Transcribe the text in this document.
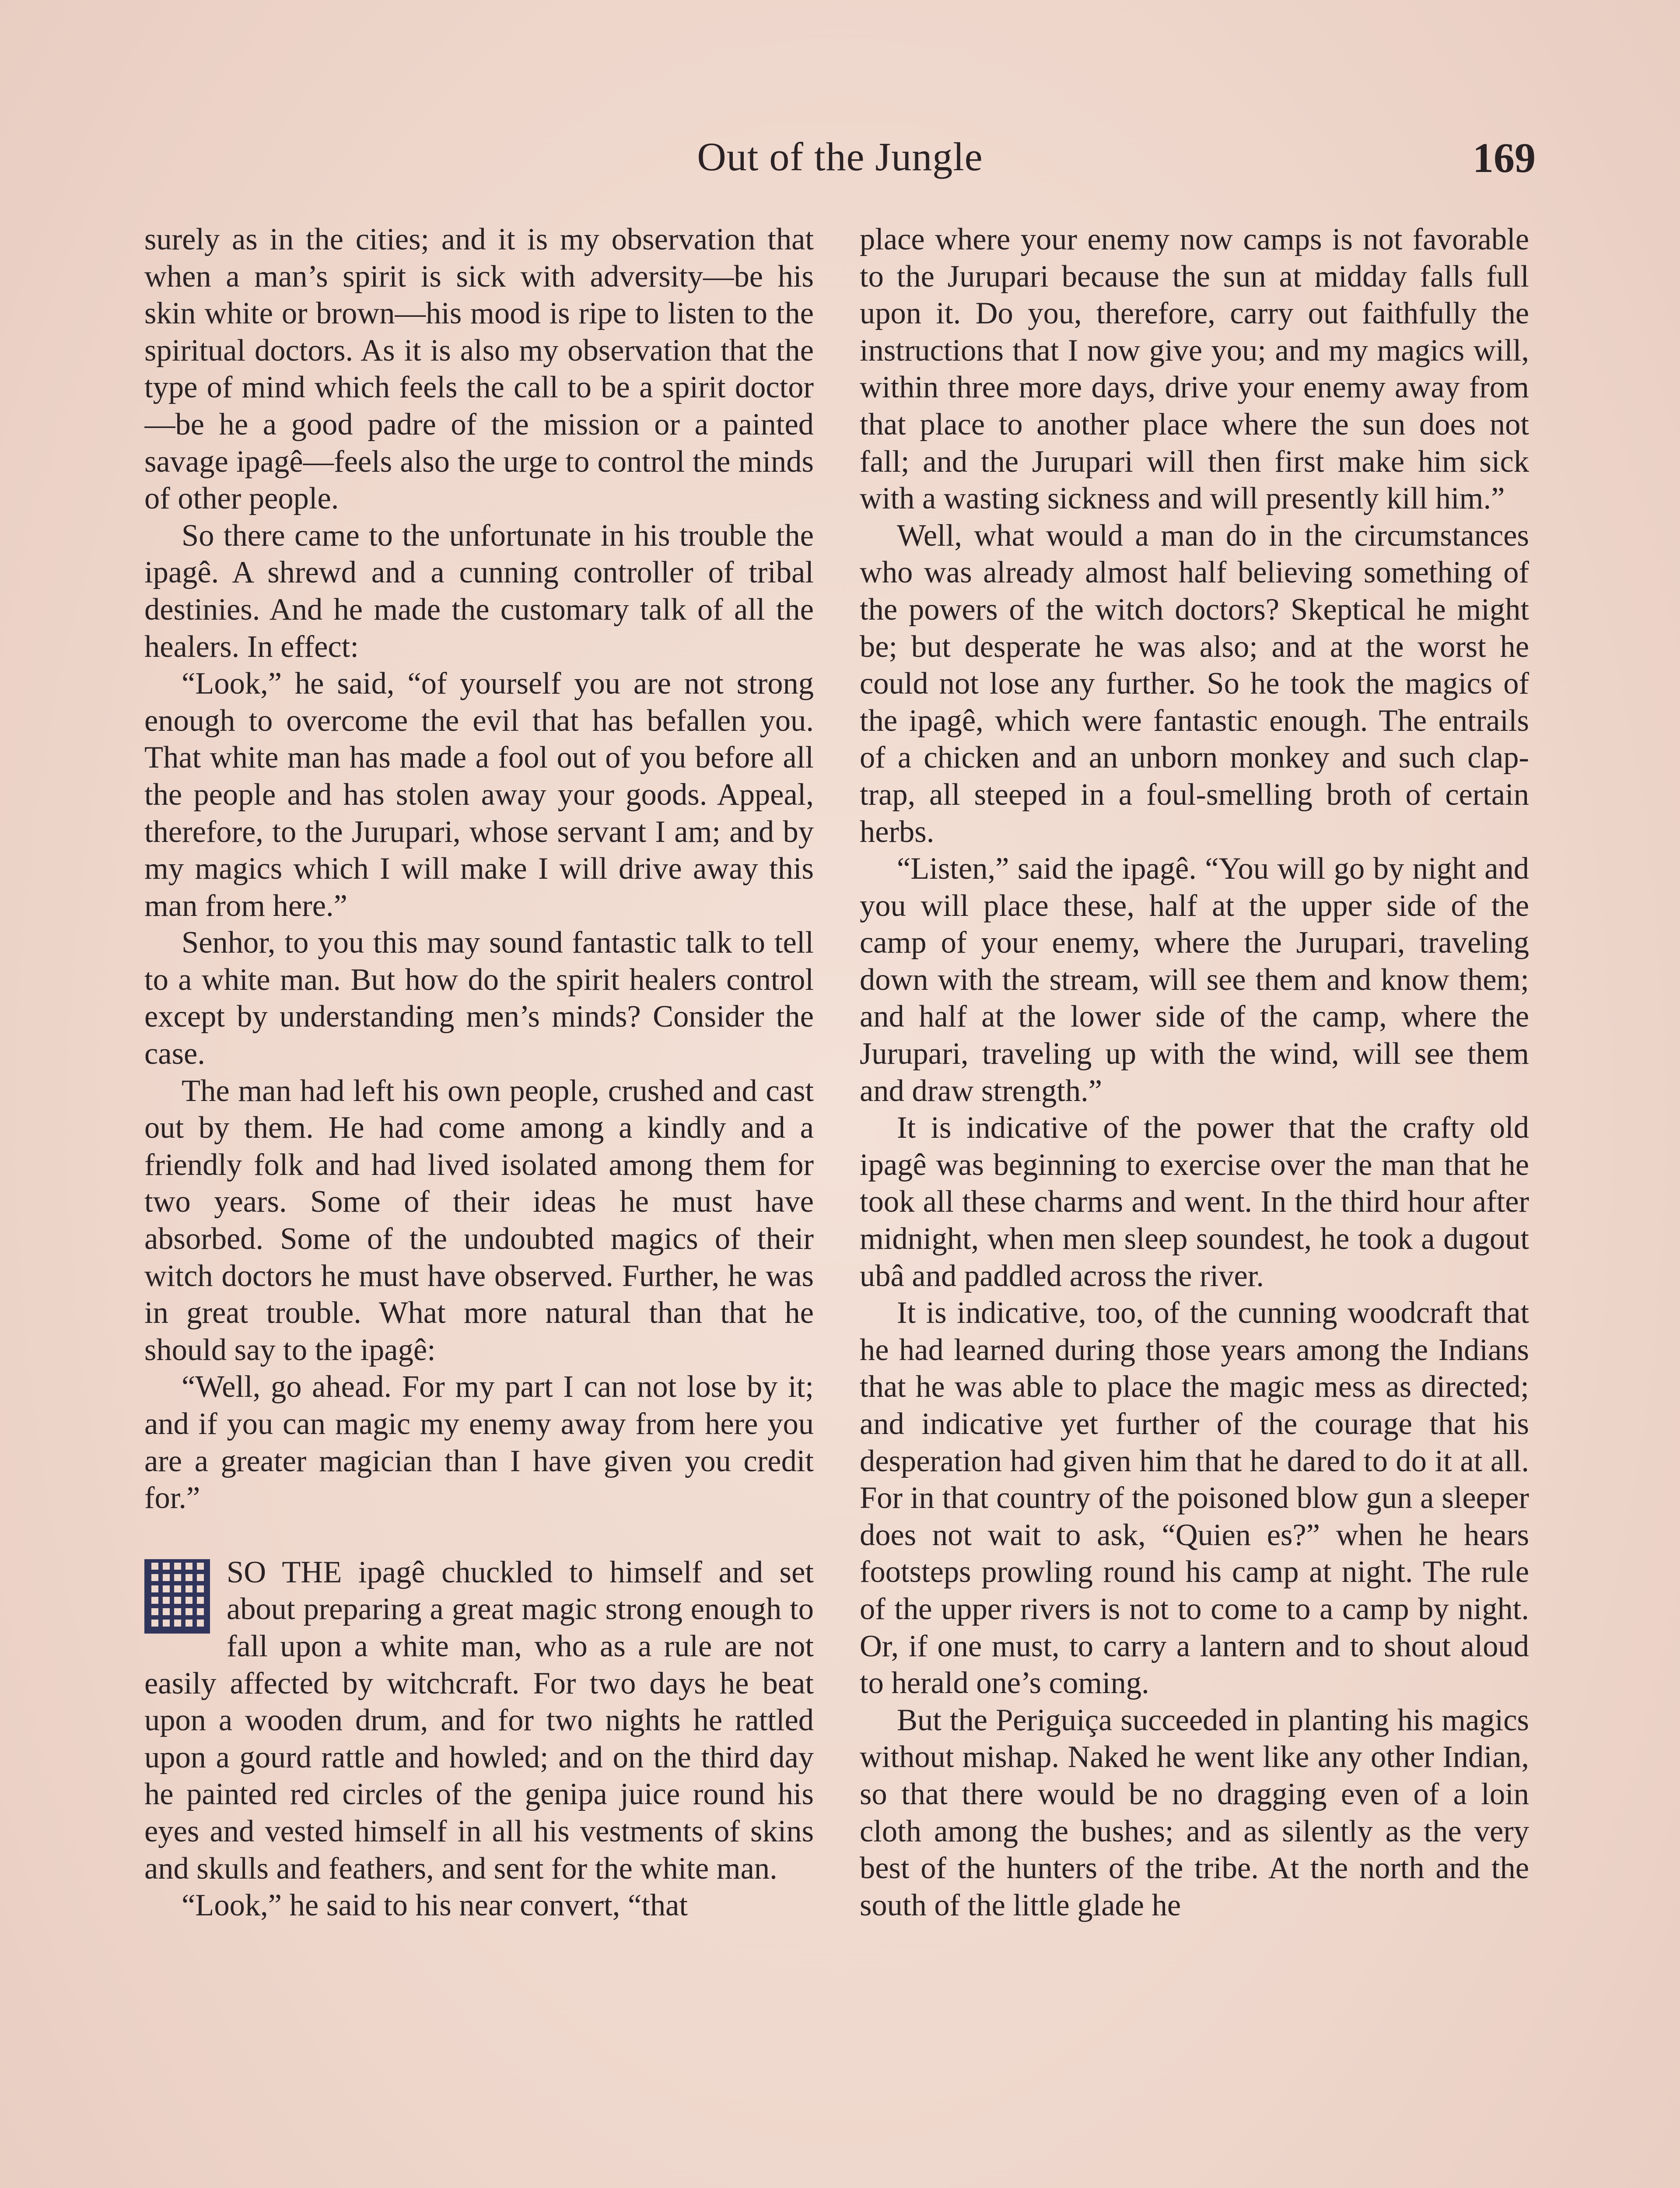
Out of the Jungle	169

surely as in the cities; and it is my observation that when a man’s spirit is sick with adversity—be his skin white or brown—his mood is ripe to listen to the spiritual doctors. As it is also my observation that the type of mind which feels the call to be a spirit doctor—be he a good padre of the mission or a painted savage ipagê—feels also the urge to control the minds of other people.

So there came to the unfortunate in his trouble the ipagê. A shrewd and a cunning controller of tribal destinies. And he made the customary talk of all the healers. In effect:

“Look,” he said, “of yourself you are not strong enough to overcome the evil that has befallen you. That white man has made a fool out of you before all the people and has stolen away your goods. Appeal, therefore, to the Jurupari, whose servant I am; and by my magics which I will make I will drive away this man from here.”

Senhor, to you this may sound fantastic talk to tell to a white man. But how do the spirit healers control except by understanding men’s minds? Consider the case.

The man had left his own people, crushed and cast out by them. He had come among a kindly and a friendly folk and had lived isolated among them for two years. Some of their ideas he must have absorbed. Some of the undoubted magics of their witch doctors he must have observed. Further, he was in great trouble. What more natural than that he should say to the ipagê:

“Well, go ahead. For my part I can not lose by it; and if you can magic my enemy away from here you are a greater magician than I have given you credit for.”

SO THE ipagê chuckled to himself and set about preparing a great magic strong enough to fall upon a white man, who as a rule are not easily affected by witchcraft. For two days he beat upon a wooden drum, and for two nights he rattled upon a gourd rattle and howled; and on the third day he painted red circles of the genipa juice round his eyes and vested himself in all his vestments of skins and skulls and feathers, and sent for the white man.

“Look,” he said to his near convert, “that

place where your enemy now camps is not favorable to the Jurupari because the sun at midday falls full upon it. Do you, therefore, carry out faithfully the instructions that I now give you; and my magics will, within three more days, drive your enemy away from that place to another place where the sun does not fall; and the Jurupari will then first make him sick with a wasting sickness and will presently kill him.”

Well, what would a man do in the circumstances who was already almost half believing something of the powers of the witch doctors? Skeptical he might be; but desperate he was also; and at the worst he could not lose any further. So he took the magics of the ipagê, which were fantastic enough. The entrails of a chicken and an unborn monkey and such clap-trap, all steeped in a foul-smelling broth of certain herbs.

“Listen,” said the ipagê. “You will go by night and you will place these, half at the upper side of the camp of your enemy, where the Jurupari, traveling down with the stream, will see them and know them; and half at the lower side of the camp, where the Jurupari, traveling up with the wind, will see them and draw strength.”

It is indicative of the power that the crafty old ipagê was beginning to exercise over the man that he took all these charms and went. In the third hour after midnight, when men sleep soundest, he took a dugout ubâ and paddled across the river.

It is indicative, too, of the cunning woodcraft that he had learned during those years among the Indians that he was able to place the magic mess as directed; and indicative yet further of the courage that his desperation had given him that he dared to do it at all. For in that country of the poisoned blow gun a sleeper does not wait to ask, “Quien es?” when he hears footsteps prowling round his camp at night. The rule of the upper rivers is not to come to a camp by night. Or, if one must, to carry a lantern and to shout aloud to herald one’s coming.

But the Periguiça succeeded in planting his magics without mishap. Naked he went like any other Indian, so that there would be no dragging even of a loin cloth among the bushes; and as silently as the very best of the hunters of the tribe. At the north and the south of the little glade he
